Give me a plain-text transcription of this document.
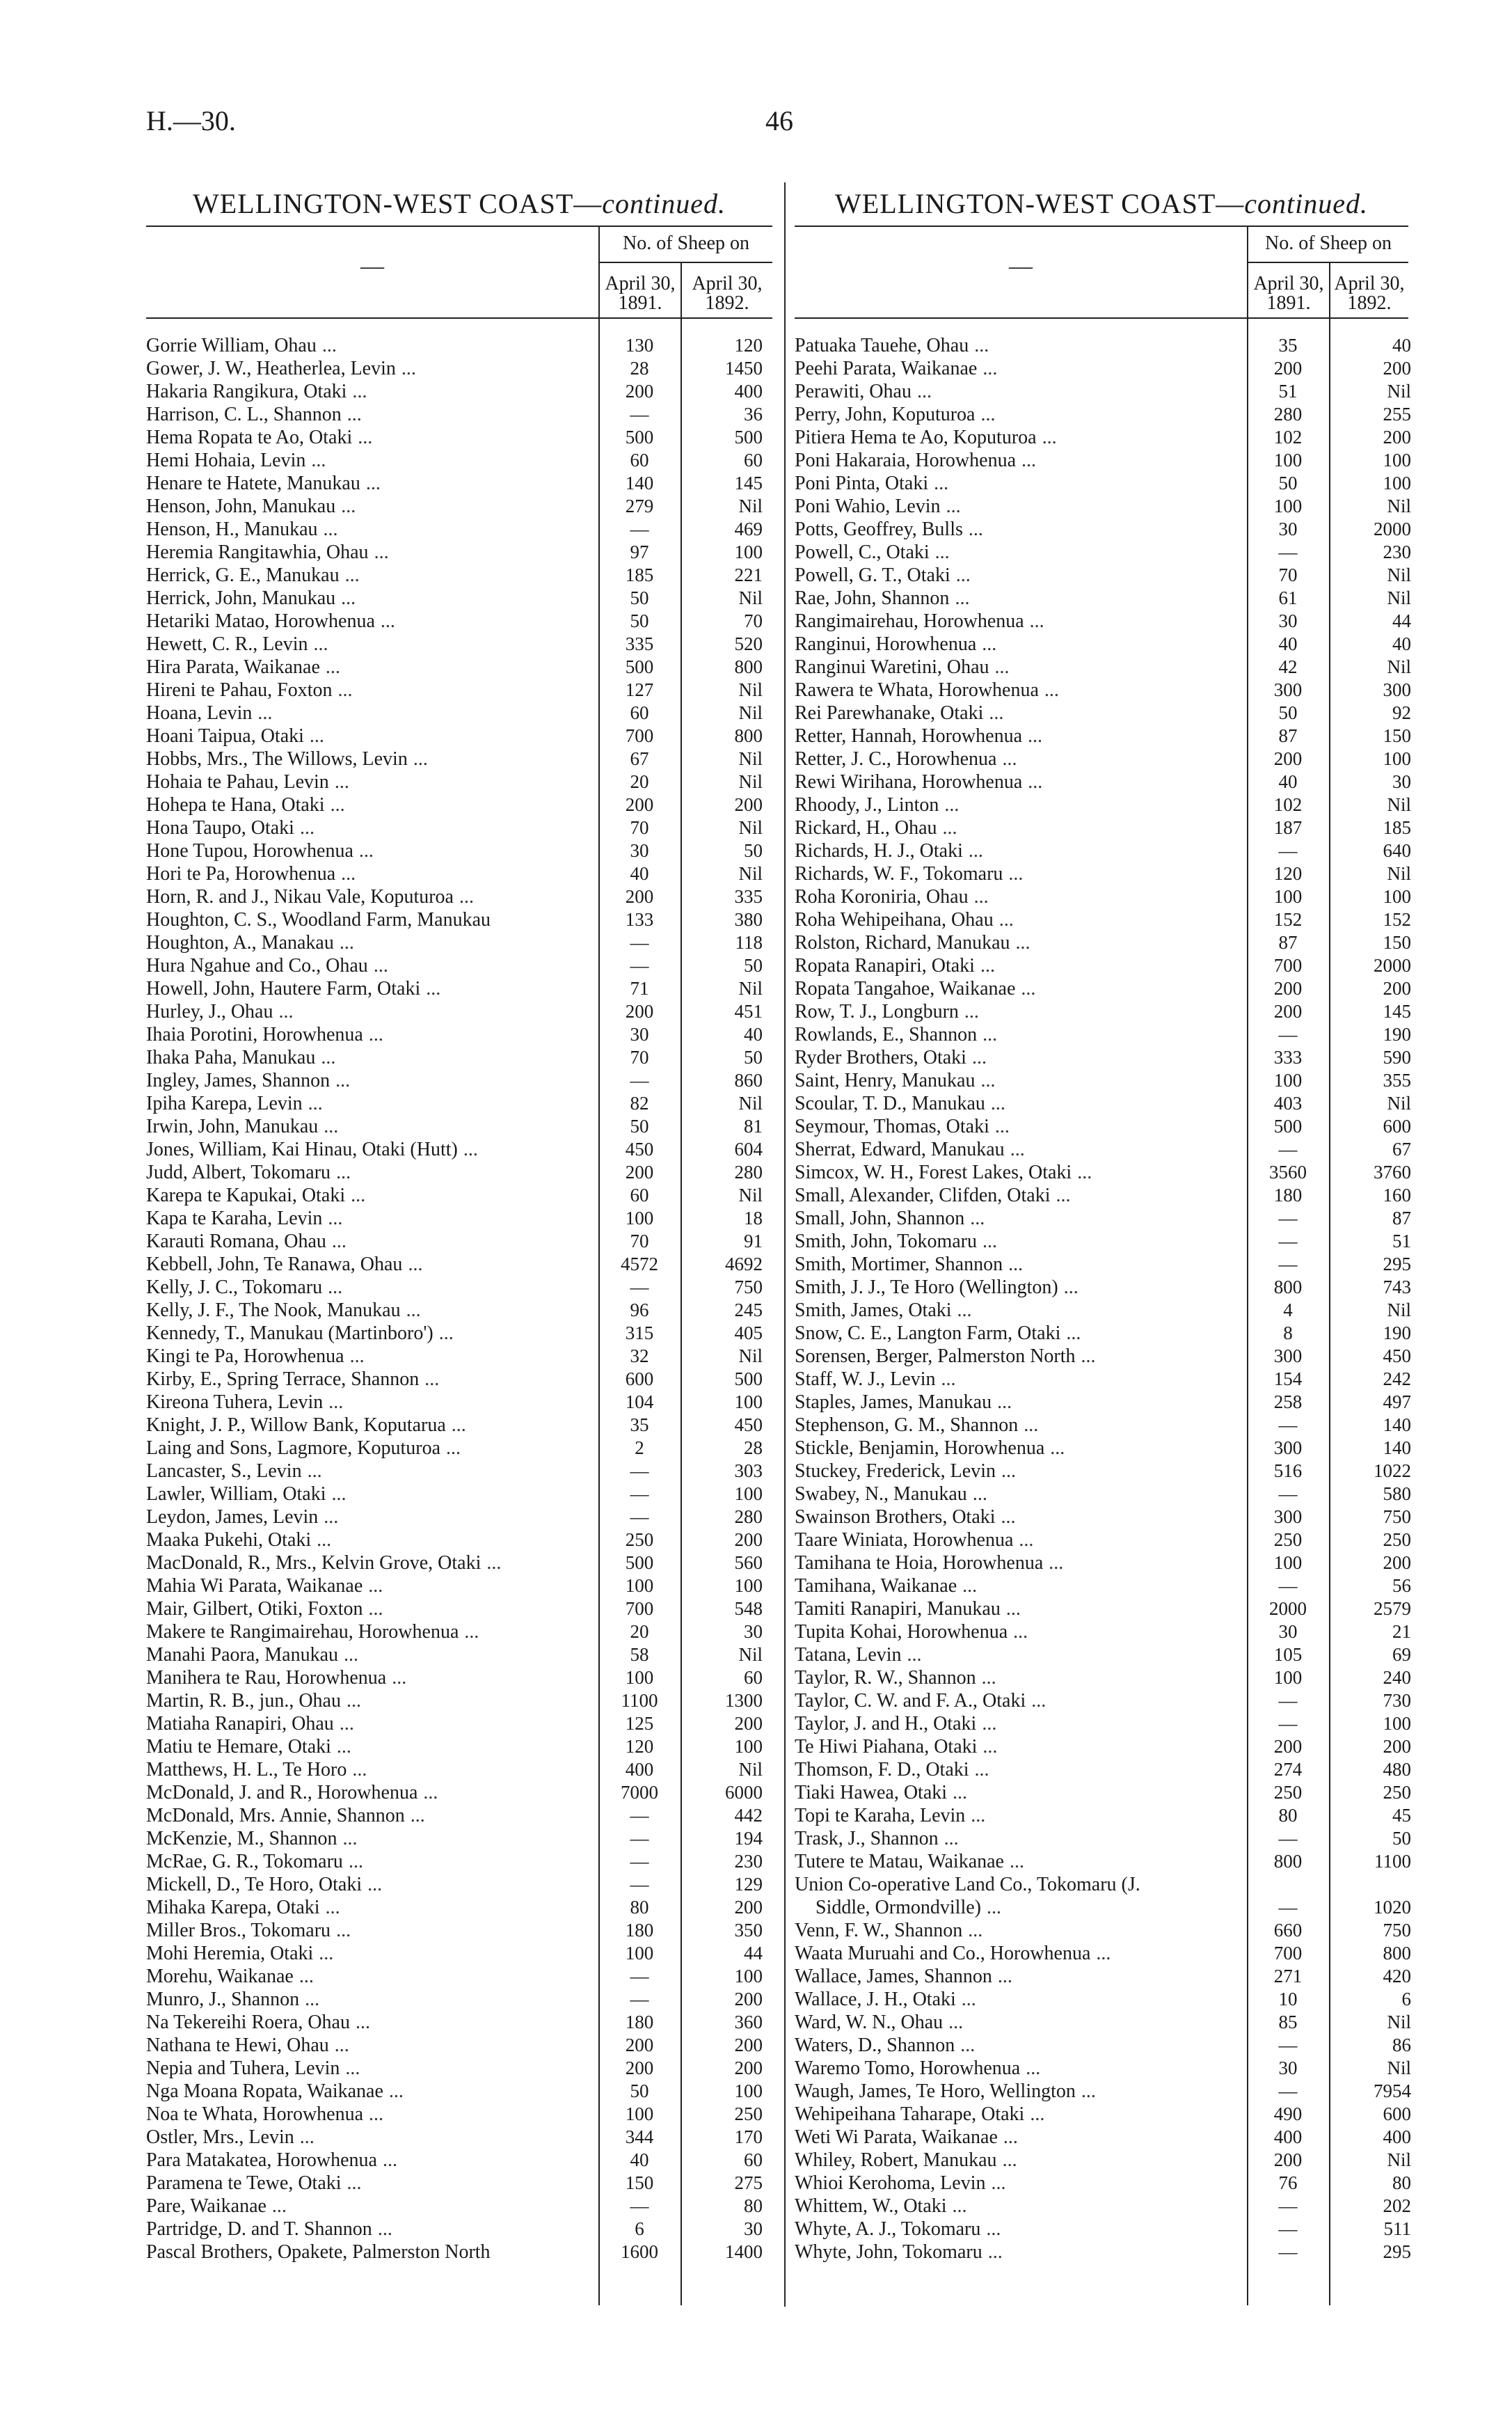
H.—30.	46
WELLINGTON-WEST COAST—continued.
—
No. of Sheep on
April 30, 1891.
April 30, 1892.
Gorrie William, Ohau ...	130	120
Gower, J. W., Heatherlea, Levin ...	28	1450
Hakaria Rangikura, Otaki ...	200	400
Harrison, C. L., Shannon ...	—	36
Hema Ropata te Ao, Otaki ...	500	500
Hemi Hohaia, Levin ...	60	60
Henare te Hatete, Manukau ...	140	145
Henson, John, Manukau ...	279	Nil
Henson, H., Manukau ...	—	469
Heremia Rangitawhia, Ohau ...	97	100
Herrick, G. E., Manukau ...	185	221
Herrick, John, Manukau ...	50	Nil
Hetariki Matao, Horowhenua ...	50	70
Hewett, C. R., Levin ...	335	520
Hira Parata, Waikanae ...	500	800
Hireni te Pahau, Foxton ...	127	Nil
Hoana, Levin ...	60	Nil
Hoani Taipua, Otaki ...	700	800
Hobbs, Mrs., The Willows, Levin ...	67	Nil
Hohaia te Pahau, Levin ...	20	Nil
Hohepa te Hana, Otaki ...	200	200
Hona Taupo, Otaki ...	70	Nil
Hone Tupou, Horowhenua ...	30	50
Hori te Pa, Horowhenua ...	40	Nil
Horn, R. and J., Nikau Vale, Koputuroa ...	200	335
Houghton, C. S., Woodland Farm, Manukau	133	380
Houghton, A., Manakau ...	—	118
Hura Ngahue and Co., Ohau ...	—	50
Howell, John, Hautere Farm, Otaki ...	71	Nil
Hurley, J., Ohau ...	200	451
Ihaia Porotini, Horowhenua ...	30	40
Ihaka Paha, Manukau ...	70	50
Ingley, James, Shannon ...	—	860
Ipiha Karepa, Levin ...	82	Nil
Irwin, John, Manukau ...	50	81
Jones, William, Kai Hinau, Otaki (Hutt) ...	450	604
Judd, Albert, Tokomaru ...	200	280
Karepa te Kapukai, Otaki ...	60	Nil
Kapa te Karaha, Levin ...	100	18
Karauti Romana, Ohau ...	70	91
Kebbell, John, Te Ranawa, Ohau ...	4572	4692
Kelly, J. C., Tokomaru ...	—	750
Kelly, J. F., The Nook, Manukau ...	96	245
Kennedy, T., Manukau (Martinboro') ...	315	405
Kingi te Pa, Horowhenua ...	32	Nil
Kirby, E., Spring Terrace, Shannon ...	600	500
Kireona Tuhera, Levin ...	104	100
Knight, J. P., Willow Bank, Koputarua ...	35	450
Laing and Sons, Lagmore, Koputuroa ...	2	28
Lancaster, S., Levin ...	—	303
Lawler, William, Otaki ...	—	100
Leydon, James, Levin ...	—	280
Maaka Pukehi, Otaki ...	250	200
MacDonald, R., Mrs., Kelvin Grove, Otaki ...	500	560
Mahia Wi Parata, Waikanae ...	100	100
Mair, Gilbert, Otiki, Foxton ...	700	548
Makere te Rangimairehau, Horowhenua ...	20	30
Manahi Paora, Manukau ...	58	Nil
Manihera te Rau, Horowhenua ...	100	60
Martin, R. B., jun., Ohau ...	1100	1300
Matiaha Ranapiri, Ohau ...	125	200
Matiu te Hemare, Otaki ...	120	100
Matthews, H. L., Te Horo ...	400	Nil
McDonald, J. and R., Horowhenua ...	7000	6000
McDonald, Mrs. Annie, Shannon ...	—	442
McKenzie, M., Shannon ...	—	194
McRae, G. R., Tokomaru ...	—	230
Mickell, D., Te Horo, Otaki ...	—	129
Mihaka Karepa, Otaki ...	80	200
Miller Bros., Tokomaru ...	180	350
Mohi Heremia, Otaki ...	100	44
Morehu, Waikanae ...	—	100
Munro, J., Shannon ...	—	200
Na Tekereihi Roera, Ohau ...	180	360
Nathana te Hewi, Ohau ...	200	200
Nepia and Tuhera, Levin ...	200	200
Nga Moana Ropata, Waikanae ...	50	100
Noa te Whata, Horowhenua ...	100	250
Ostler, Mrs., Levin ...	344	170
Para Matakatea, Horowhenua ...	40	60
Paramena te Tewe, Otaki ...	150	275
Pare, Waikanae ...	—	80
Partridge, D. and T. Shannon ...	6	30
Pascal Brothers, Opakete, Palmerston North	1600	1400
WELLINGTON-WEST COAST—continued.
—
No. of Sheep on
April 30, 1891.
April 30, 1892.
Patuaka Tauehe, Ohau ...	35	40
Peehi Parata, Waikanae ...	200	200
Perawiti, Ohau ...	51	Nil
Perry, John, Koputuroa ...	280	255
Pitiera Hema te Ao, Koputuroa ...	102	200
Poni Hakaraia, Horowhenua ...	100	100
Poni Pinta, Otaki ...	50	100
Poni Wahio, Levin ...	100	Nil
Potts, Geoffrey, Bulls ...	30	2000
Powell, C., Otaki ...	—	230
Powell, G. T., Otaki ...	70	Nil
Rae, John, Shannon ...	61	Nil
Rangimairehau, Horowhenua ...	30	44
Ranginui, Horowhenua ...	40	40
Ranginui Waretini, Ohau ...	42	Nil
Rawera te Whata, Horowhenua ...	300	300
Rei Parewhanake, Otaki ...	50	92
Retter, Hannah, Horowhenua ...	87	150
Retter, J. C., Horowhenua ...	200	100
Rewi Wirihana, Horowhenua ...	40	30
Rhoody, J., Linton ...	102	Nil
Rickard, H., Ohau ...	187	185
Richards, H. J., Otaki ...	—	640
Richards, W. F., Tokomaru ...	120	Nil
Roha Koroniria, Ohau ...	100	100
Roha Wehipeihana, Ohau ...	152	152
Rolston, Richard, Manukau ...	87	150
Ropata Ranapiri, Otaki ...	700	2000
Ropata Tangahoe, Waikanae ...	200	200
Row, T. J., Longburn ...	200	145
Rowlands, E., Shannon ...	—	190
Ryder Brothers, Otaki ...	333	590
Saint, Henry, Manukau ...	100	355
Scoular, T. D., Manukau ...	403	Nil
Seymour, Thomas, Otaki ...	500	600
Sherrat, Edward, Manukau ...	—	67
Simcox, W. H., Forest Lakes, Otaki ...	3560	3760
Small, Alexander, Clifden, Otaki ...	180	160
Small, John, Shannon ...	—	87
Smith, John, Tokomaru ...	—	51
Smith, Mortimer, Shannon ...	—	295
Smith, J. J., Te Horo (Wellington) ...	800	743
Smith, James, Otaki ...	4	Nil
Snow, C. E., Langton Farm, Otaki ...	8	190
Sorensen, Berger, Palmerston North ...	300	450
Staff, W. J., Levin ...	154	242
Staples, James, Manukau ...	258	497
Stephenson, G. M., Shannon ...	—	140
Stickle, Benjamin, Horowhenua ...	300	140
Stuckey, Frederick, Levin ...	516	1022
Swabey, N., Manukau ...	—	580
Swainson Brothers, Otaki ...	300	750
Taare Winiata, Horowhenua ...	250	250
Tamihana te Hoia, Horowhenua ...	100	200
Tamihana, Waikanae ...	—	56
Tamiti Ranapiri, Manukau ...	2000	2579
Tupita Kohai, Horowhenua ...	30	21
Tatana, Levin ...	105	69
Taylor, R. W., Shannon ...	100	240
Taylor, C. W. and F. A., Otaki ...	—	730
Taylor, J. and H., Otaki ...	—	100
Te Hiwi Piahana, Otaki ...	200	200
Thomson, F. D., Otaki ...	274	480
Tiaki Hawea, Otaki ...	250	250
Topi te Karaha, Levin ...	80	45
Trask, J., Shannon ...	—	50
Tutere te Matau, Waikanae ...	800	1100
Union Co-operative Land Co., Tokomaru (J.
Siddle, Ormondville) ...	—	1020
Venn, F. W., Shannon ...	660	750
Waata Muruahi and Co., Horowhenua ...	700	800
Wallace, James, Shannon ...	271	420
Wallace, J. H., Otaki ...	10	6
Ward, W. N., Ohau ...	85	Nil
Waters, D., Shannon ...	—	86
Waremo Tomo, Horowhenua ...	30	Nil
Waugh, James, Te Horo, Wellington ...	—	7954
Wehipeihana Taharape, Otaki ...	490	600
Weti Wi Parata, Waikanae ...	400	400
Whiley, Robert, Manukau ...	200	Nil
Whioi Kerohoma, Levin ...	76	80
Whittem, W., Otaki ...	—	202
Whyte, A. J., Tokomaru ...	—	511
Whyte, John, Tokomaru ...	—	295
